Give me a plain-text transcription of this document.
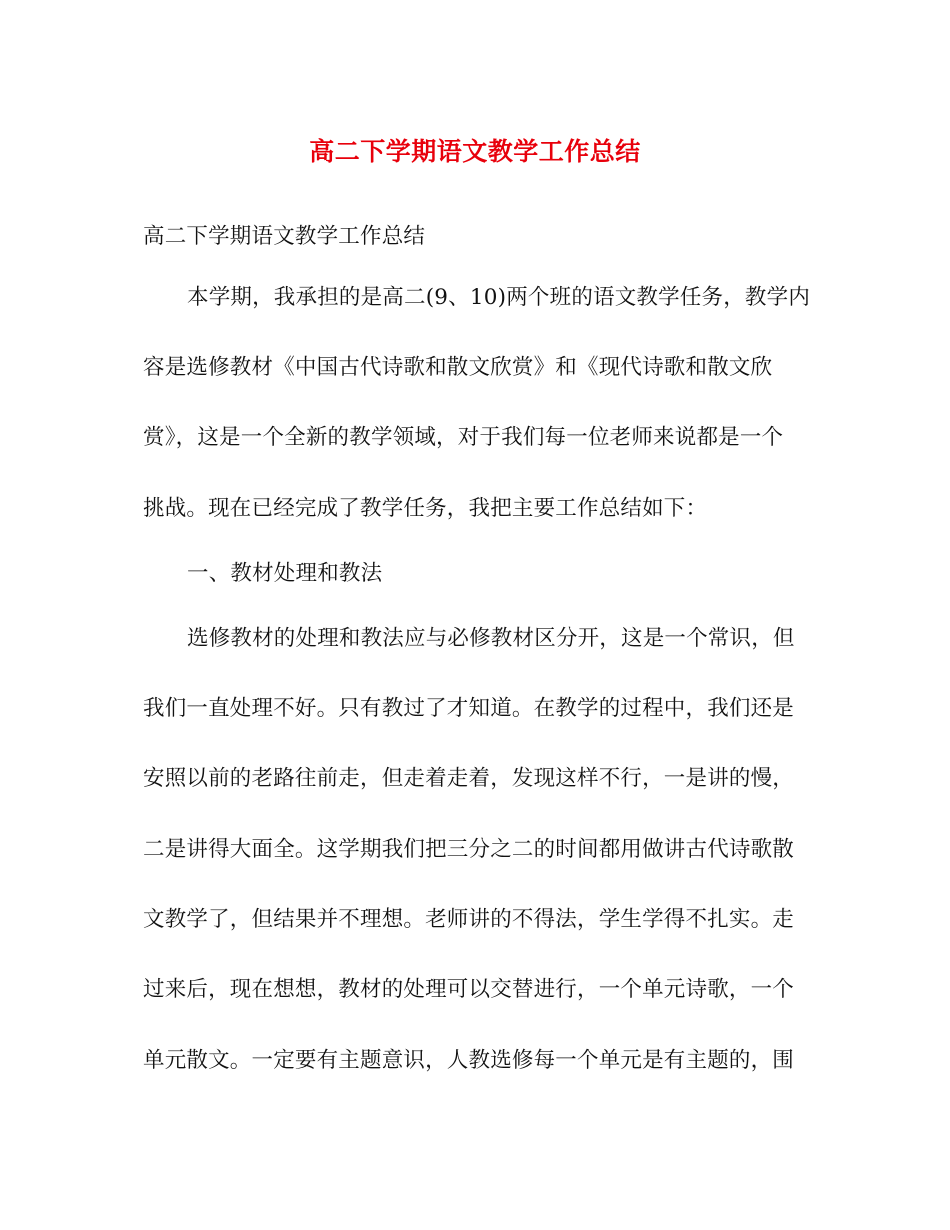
高二下学期语文教学工作总结
高二下学期语文教学工作总结
本学期，我承担的是高二(9、10)两个班的语文教学任务，教学内
容是选修教材《中国古代诗歌和散文欣赏》和《现代诗歌和散文欣
赏》，这是一个全新的教学领域，对于我们每一位老师来说都是一个
挑战。现在已经完成了教学任务，我把主要工作总结如下：
一、教材处理和教法
选修教材的处理和教法应与必修教材区分开，这是一个常识，但
我们一直处理不好。只有教过了才知道。在教学的过程中，我们还是
安照以前的老路往前走，但走着走着，发现这样不行，一是讲的慢，
二是讲得大面全。这学期我们把三分之二的时间都用做讲古代诗歌散
文教学了，但结果并不理想。老师讲的不得法，学生学得不扎实。走
过来后，现在想想，教材的处理可以交替进行，一个单元诗歌，一个
单元散文。一定要有主题意识，人教选修每一个单元是有主题的，围
